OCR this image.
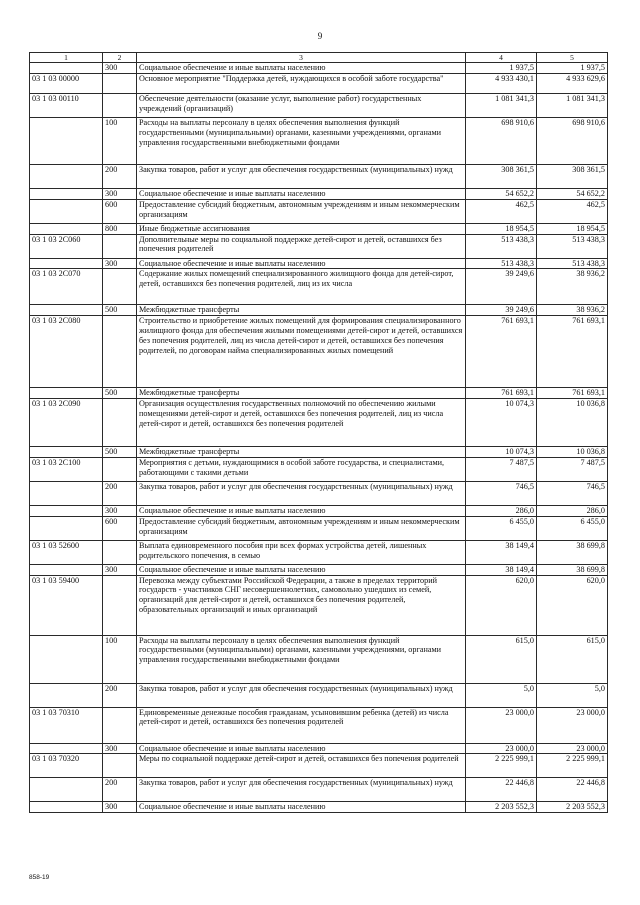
9
1	2	3	4	5
	300	Социальное обеспечение и иные выплаты населению	1 937,5	1 937,5
03 1 03 00000		Основное мероприятие "Поддержка детей, нуждающихся в особой заботе государства"	4 933 430,1	4 933 629,6
03 1 03 00110		Обеспечение деятельности (оказание услуг, выполнение работ) государственных учреждений (организаций)	1 081 341,3	1 081 341,3
	100	Расходы на выплаты персоналу в целях обеспечения выполнения функций государственными (муниципальными) органами, казенными учреждениями, органами управления государственными внебюджетными фондами	698 910,6	698 910,6
	200	Закупка товаров, работ и услуг для обеспечения государственных (муниципальных) нужд	308 361,5	308 361,5
	300	Социальное обеспечение и иные выплаты населению	54 652,2	54 652,2
	600	Предоставление субсидий бюджетным, автономным учреждениям и иным некоммерческим организациям	462,5	462,5
	800	Иные бюджетные ассигнования	18 954,5	18 954,5
03 1 03 2С060		Дополнительные меры по социальной поддержке детей-сирот и детей, оставшихся без попечения родителей	513 438,3	513 438,3
	300	Социальное обеспечение и иные выплаты населению	513 438,3	513 438,3
03 1 03 2С070		Содержание жилых помещений специализированного жилищного фонда для детей-сирот, детей, оставшихся без попечения родителей, лиц из их числа	39 249,6	38 936,2
	500	Межбюджетные трансферты	39 249,6	38 936,2
03 1 03 2С080		Строительство и приобретение жилых помещений для формирования специализированного жилищного фонда для обеспечения жилыми помещениями детей-сирот и детей, оставшихся без попечения родителей, лиц из числа детей-сирот и детей, оставшихся без попечения родителей, по договорам найма специализированных жилых помещений	761 693,1	761 693,1
	500	Межбюджетные трансферты	761 693,1	761 693,1
03 1 03 2С090		Организация осуществления государственных полномочий по обеспечению жилыми помещениями детей-сирот и детей, оставшихся без попечения родителей, лиц из числа детей-сирот и детей, оставшихся без попечения родителей	10 074,3	10 036,8
	500	Межбюджетные трансферты	10 074,3	10 036,8
03 1 03 2С100		Мероприятия с детьми, нуждающимися в особой заботе государства, и специалистами, работающими с такими детьми	7 487,5	7 487,5
	200	Закупка товаров, работ и услуг для обеспечения государственных (муниципальных) нужд	746,5	746,5
	300	Социальное обеспечение и иные выплаты населению	286,0	286,0
	600	Предоставление субсидий бюджетным, автономным учреждениям и иным некоммерческим организациям	6 455,0	6 455,0
03 1 03 52600		Выплата единовременного пособия при всех формах устройства детей, лишенных родительского попечения, в семью	38 149,4	38 699,8
	300	Социальное обеспечение и иные выплаты населению	38 149,4	38 699,8
03 1 03 59400		Перевозка между субъектами Российской Федерации, а также в пределах территорий государств - участников СНГ несовершеннолетних, самовольно ушедших из семей, организаций для детей-сирот и детей, оставшихся без попечения родителей, образовательных организаций и иных организаций	620,0	620,0
	100	Расходы на выплаты персоналу в целях обеспечения выполнения функций государственными (муниципальными) органами, казенными учреждениями, органами управления государственными внебюджетными фондами	615,0	615,0
	200	Закупка товаров, работ и услуг для обеспечения государственных (муниципальных) нужд	5,0	5,0
03 1 03 70310		Единовременные денежные пособия гражданам, усыновившим ребенка (детей) из числа детей-сирот и детей, оставшихся без попечения родителей	23 000,0	23 000,0
	300	Социальное обеспечение и иные выплаты населению	23 000,0	23 000,0
03 1 03 70320		Меры по социальной поддержке детей-сирот и детей, оставшихся без попечения родителей	2 225 999,1	2 225 999,1
	200	Закупка товаров, работ и услуг для обеспечения государственных (муниципальных) нужд	22 446,8	22 446,8
	300	Социальное обеспечение и иные выплаты населению	2 203 552,3	2 203 552,3
858-19
